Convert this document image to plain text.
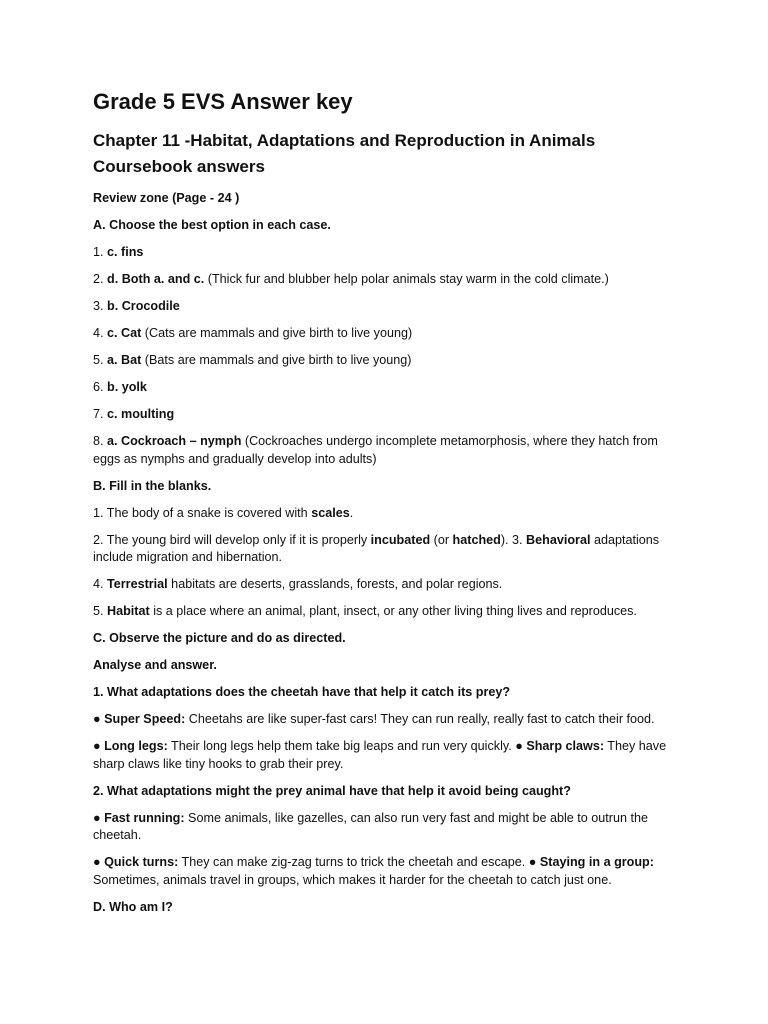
Grade 5 EVS Answer key
Chapter 11 -Habitat, Adaptations and Reproduction in Animals
Coursebook answers

Review zone (Page - 24 )

A. Choose the best option in each case.

1. c. fins

2. d. Both a. and c. (Thick fur and blubber help polar animals stay warm in the cold climate.)

3. b. Crocodile

4. c. Cat (Cats are mammals and give birth to live young)

5. a. Bat (Bats are mammals and give birth to live young)

6. b. yolk

7. c. moulting

8. a. Cockroach – nymph (Cockroaches undergo incomplete metamorphosis, where they hatch from eggs as nymphs and gradually develop into adults)

B. Fill in the blanks.

1. The body of a snake is covered with scales.

2. The young bird will develop only if it is properly incubated (or hatched). 3. Behavioral adaptations include migration and hibernation.

4. Terrestrial habitats are deserts, grasslands, forests, and polar regions.

5. Habitat is a place where an animal, plant, insect, or any other living thing lives and reproduces.

C. Observe the picture and do as directed.

Analyse and answer.

1. What adaptations does the cheetah have that help it catch its prey?

● Super Speed: Cheetahs are like super-fast cars! They can run really, really fast to catch their food.

● Long legs: Their long legs help them take big leaps and run very quickly. ● Sharp claws: They have sharp claws like tiny hooks to grab their prey.

2. What adaptations might the prey animal have that help it avoid being caught?

● Fast running: Some animals, like gazelles, can also run very fast and might be able to outrun the cheetah.

● Quick turns: They can make zig-zag turns to trick the cheetah and escape. ● Staying in a group: Sometimes, animals travel in groups, which makes it harder for the cheetah to catch just one.

D. Who am I?
